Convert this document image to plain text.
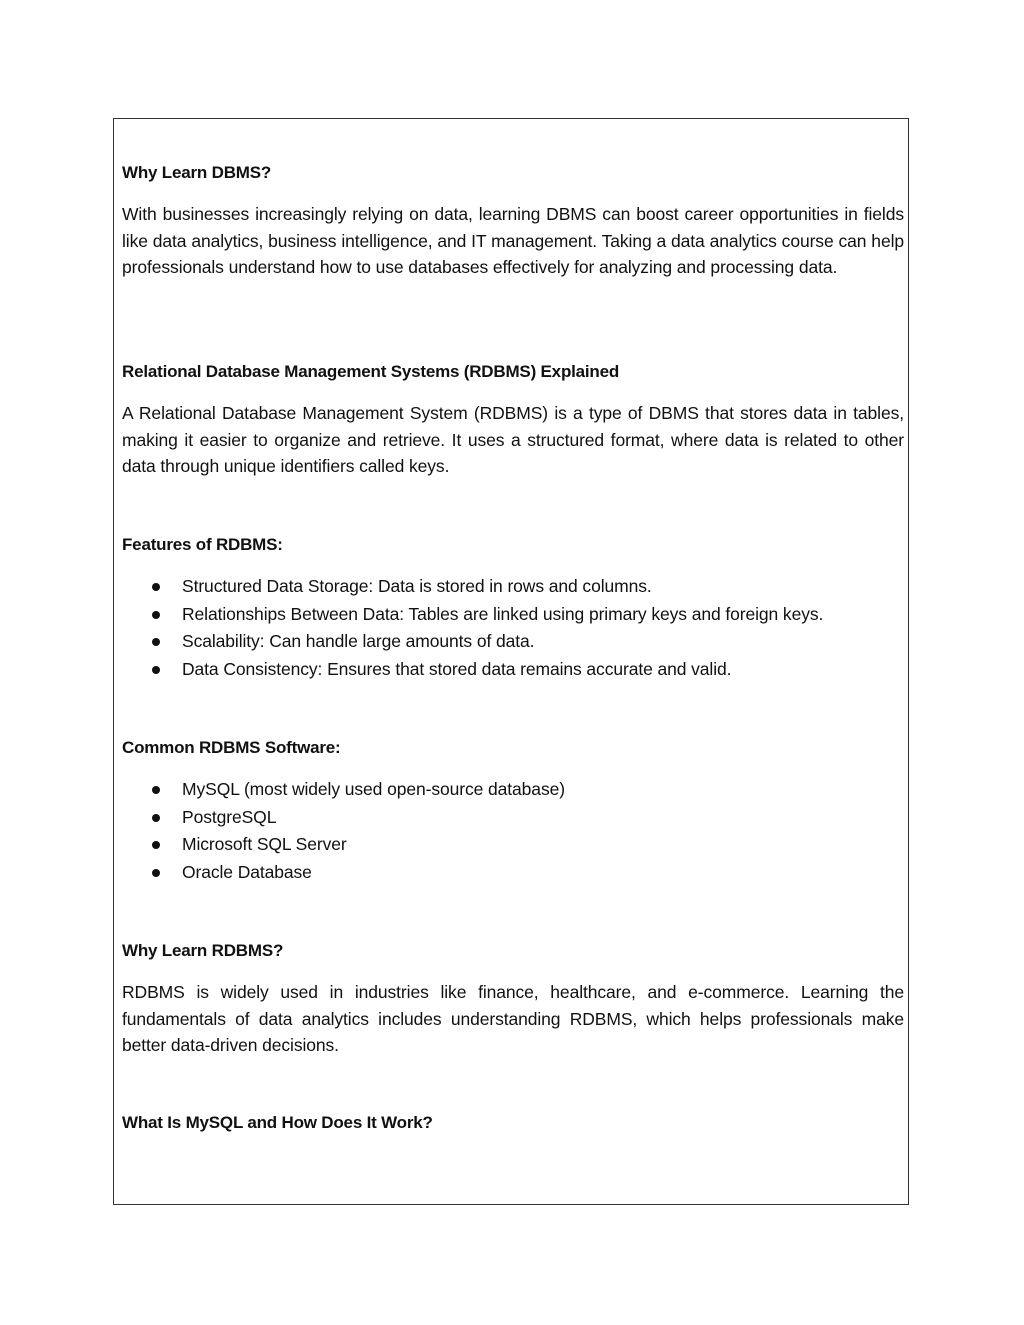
Why Learn DBMS?

With businesses increasingly relying on data, learning DBMS can boost career opportunities in fields like data analytics, business intelligence, and IT management. Taking a data analytics course can help professionals understand how to use databases effectively for analyzing and processing data.

Relational Database Management Systems (RDBMS) Explained

A Relational Database Management System (RDBMS) is a type of DBMS that stores data in tables, making it easier to organize and retrieve. It uses a structured format, where data is related to other data through unique identifiers called keys.

Features of RDBMS:
Structured Data Storage: Data is stored in rows and columns.
Relationships Between Data: Tables are linked using primary keys and foreign keys.
Scalability: Can handle large amounts of data.
Data Consistency: Ensures that stored data remains accurate and valid.
Common RDBMS Software:
MySQL (most widely used open-source database)
PostgreSQL
Microsoft SQL Server
Oracle Database
Why Learn RDBMS?

RDBMS is widely used in industries like finance, healthcare, and e-commerce. Learning the fundamentals of data analytics includes understanding RDBMS, which helps professionals make better data-driven decisions.

What Is MySQL and How Does It Work?
